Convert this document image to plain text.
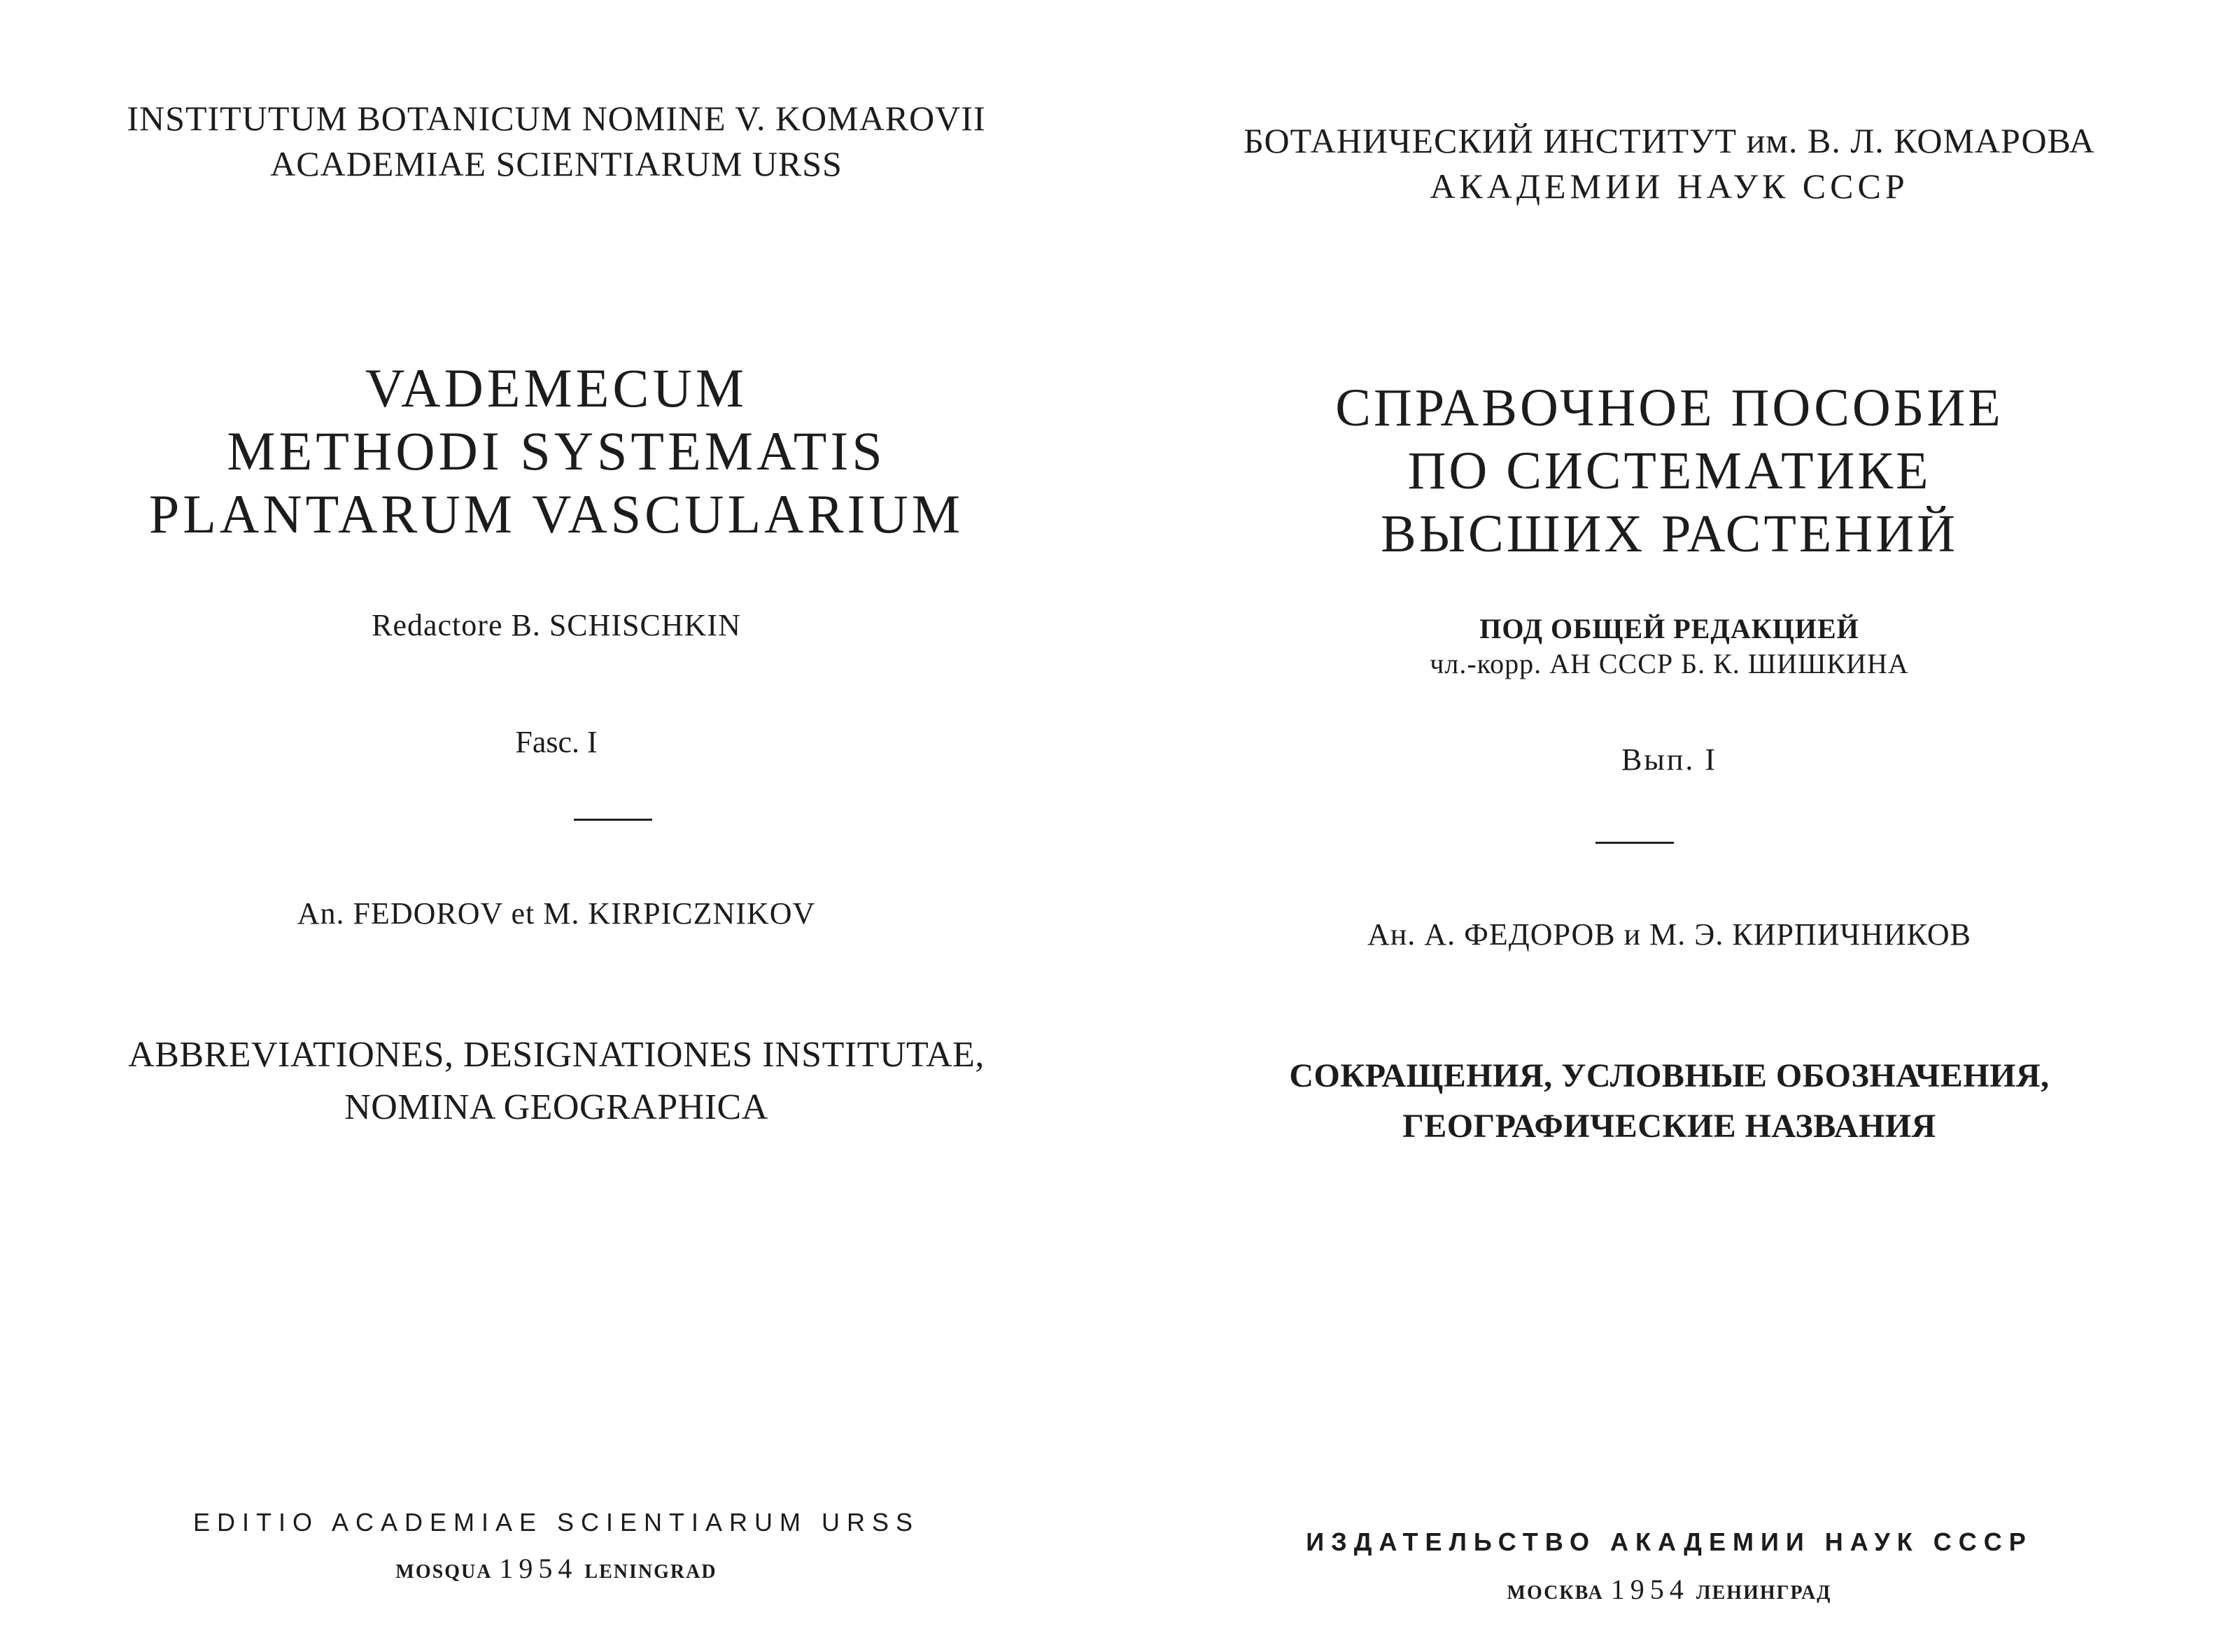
INSTITUTUM BOTANICUM NOMINE V. KOMAROVII
ACADEMIAE SCIENTIARUM URSS
VADEMECUM
METHODI SYSTEMATIS
PLANTARUM VASCULARIUM
Redactore B. SCHISCHKIN
Fasc. I
An. FEDOROV et M. KIRPICZNIKOV
ABBREVIATIONES, DESIGNATIONES INSTITUTAE,
NOMINA GEOGRAPHICA
EDITIO ACADEMIAE SCIENTIARUM URSS
MOSQUA 1954 LENINGRAD
БОТАНИЧЕСКИЙ ИНСТИТУТ им. В. Л. КОМАРОВА
АКАДЕМИИ НАУК СССР
СПРАВОЧНОЕ ПОСОБИЕ
ПО СИСТЕМАТИКЕ
ВЫСШИХ РАСТЕНИЙ
ПОД ОБЩЕЙ РЕДАКЦИЕЙ
чл.-корр. АН СССР Б. К. ШИШКИНА
Вып. I
Ан. А. ФЕДОРОВ и М. Э. КИРПИЧНИКОВ
СОКРАЩЕНИЯ, УСЛОВНЫЕ ОБОЗНАЧЕНИЯ,
ГЕОГРАФИЧЕСКИЕ НАЗВАНИЯ
ИЗДАТЕЛЬСТВО АКАДЕМИИ НАУК СССР
МОСКВА 1954 ЛЕНИНГРАД
